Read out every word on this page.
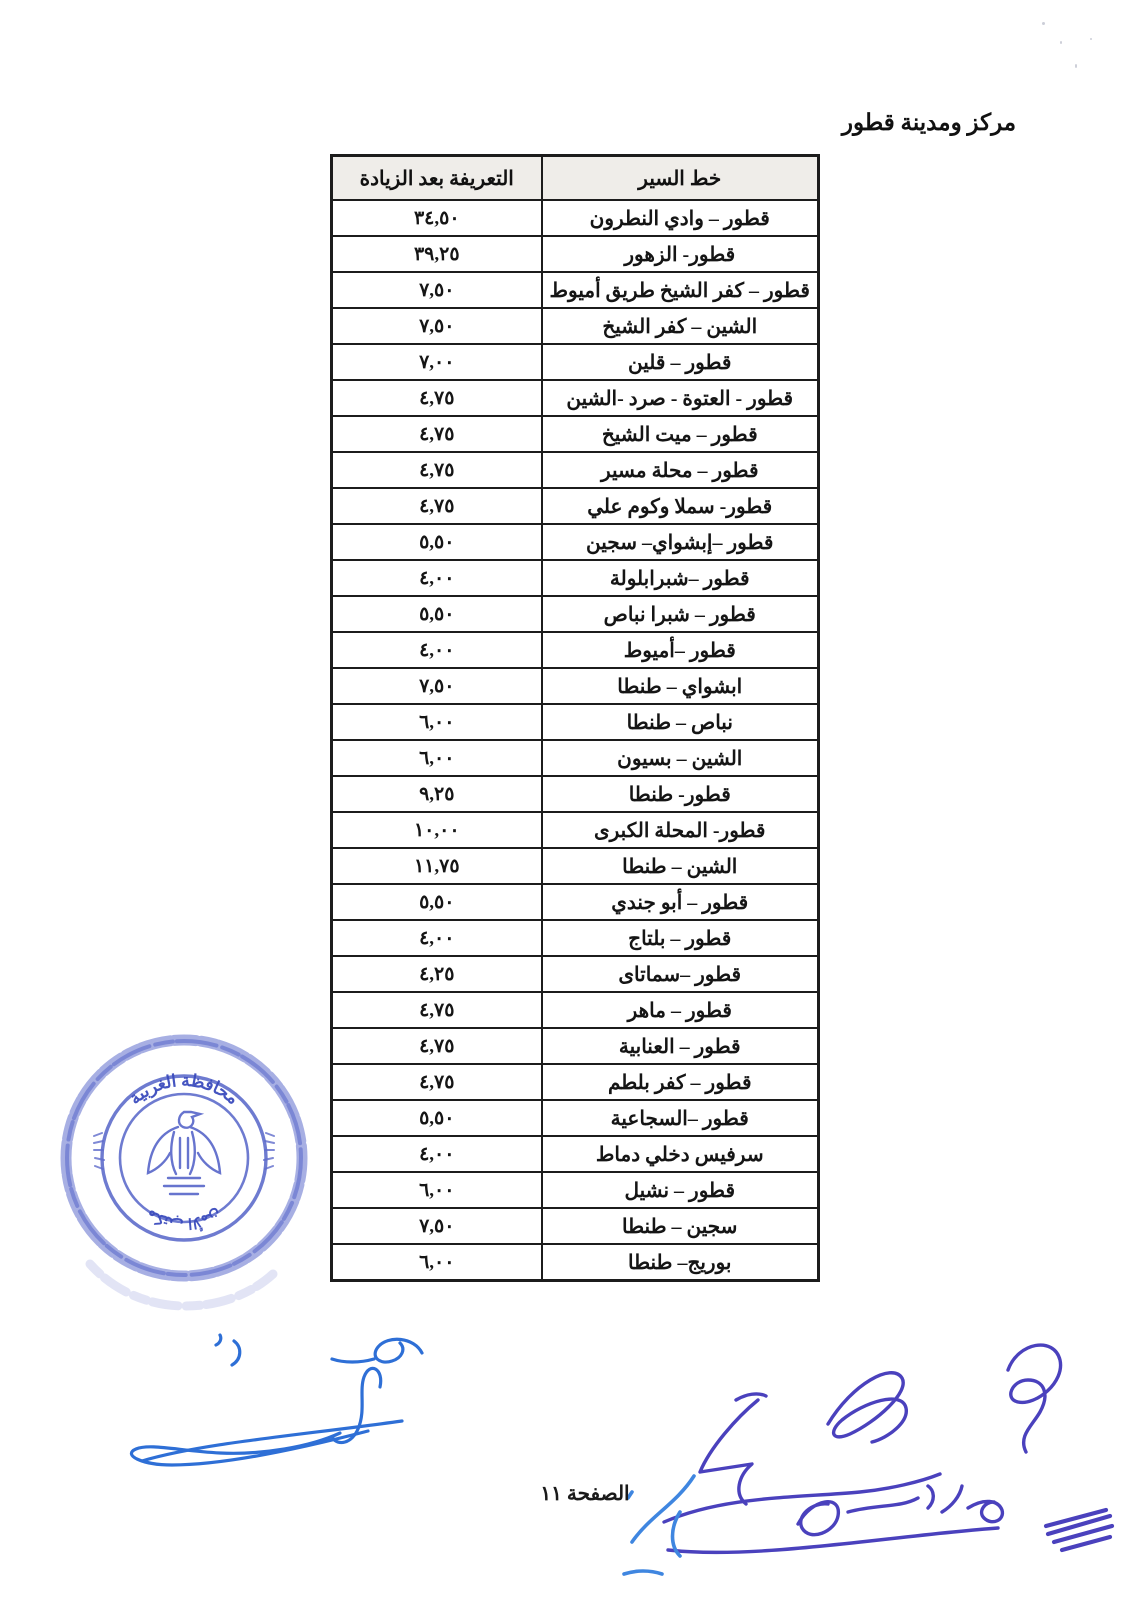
مركز ومدينة قطور
خط السير	التعريفة بعد الزيادة
قطور – وادي النطرون	٣٤,٥٠
قطور- الزهور	٣٩,٢٥
قطور – كفر الشيخ طريق أميوط	٧,٥٠
الشين – كفر الشيخ	٧,٥٠
قطور – قلين	٧,٠٠
قطور - العتوة - صرد -الشين	٤,٧٥
قطور – ميت الشيخ	٤,٧٥
قطور – محلة مسير	٤,٧٥
قطور- سملا وكوم علي	٤,٧٥
قطور –إبشواي– سجين	٥,٥٠
قطور –شبرابلولة	٤,٠٠
قطور – شبرا نباص	٥,٥٠
قطور –أميوط	٤,٠٠
ابشواي – طنطا	٧,٥٠
نباص – طنطا	٦,٠٠
الشين – بسيون	٦,٠٠
قطور- طنطا	٩,٢٥
قطور- المحلة الكبرى	١٠,٠٠
الشين – طنطا	١١,٧٥
قطور – أبو جندي	٥,٥٠
قطور – بلتاج	٤,٠٠
قطور –سماتاى	٤,٢٥
قطور – ماهر	٤,٧٥
قطور – العنابية	٤,٧٥
قطور – كفر بلطم	٤,٧٥
قطور –السجاعية	٥,٥٠
سرفيس دخلي دماط	٤,٠٠
قطور – نشيل	٦,٠٠
سجين – طنطا	٧,٥٠
بوريج– طنطا	٦,٠٠
محافظة الغربية
مكتب الأمن
الصفحة ١١
